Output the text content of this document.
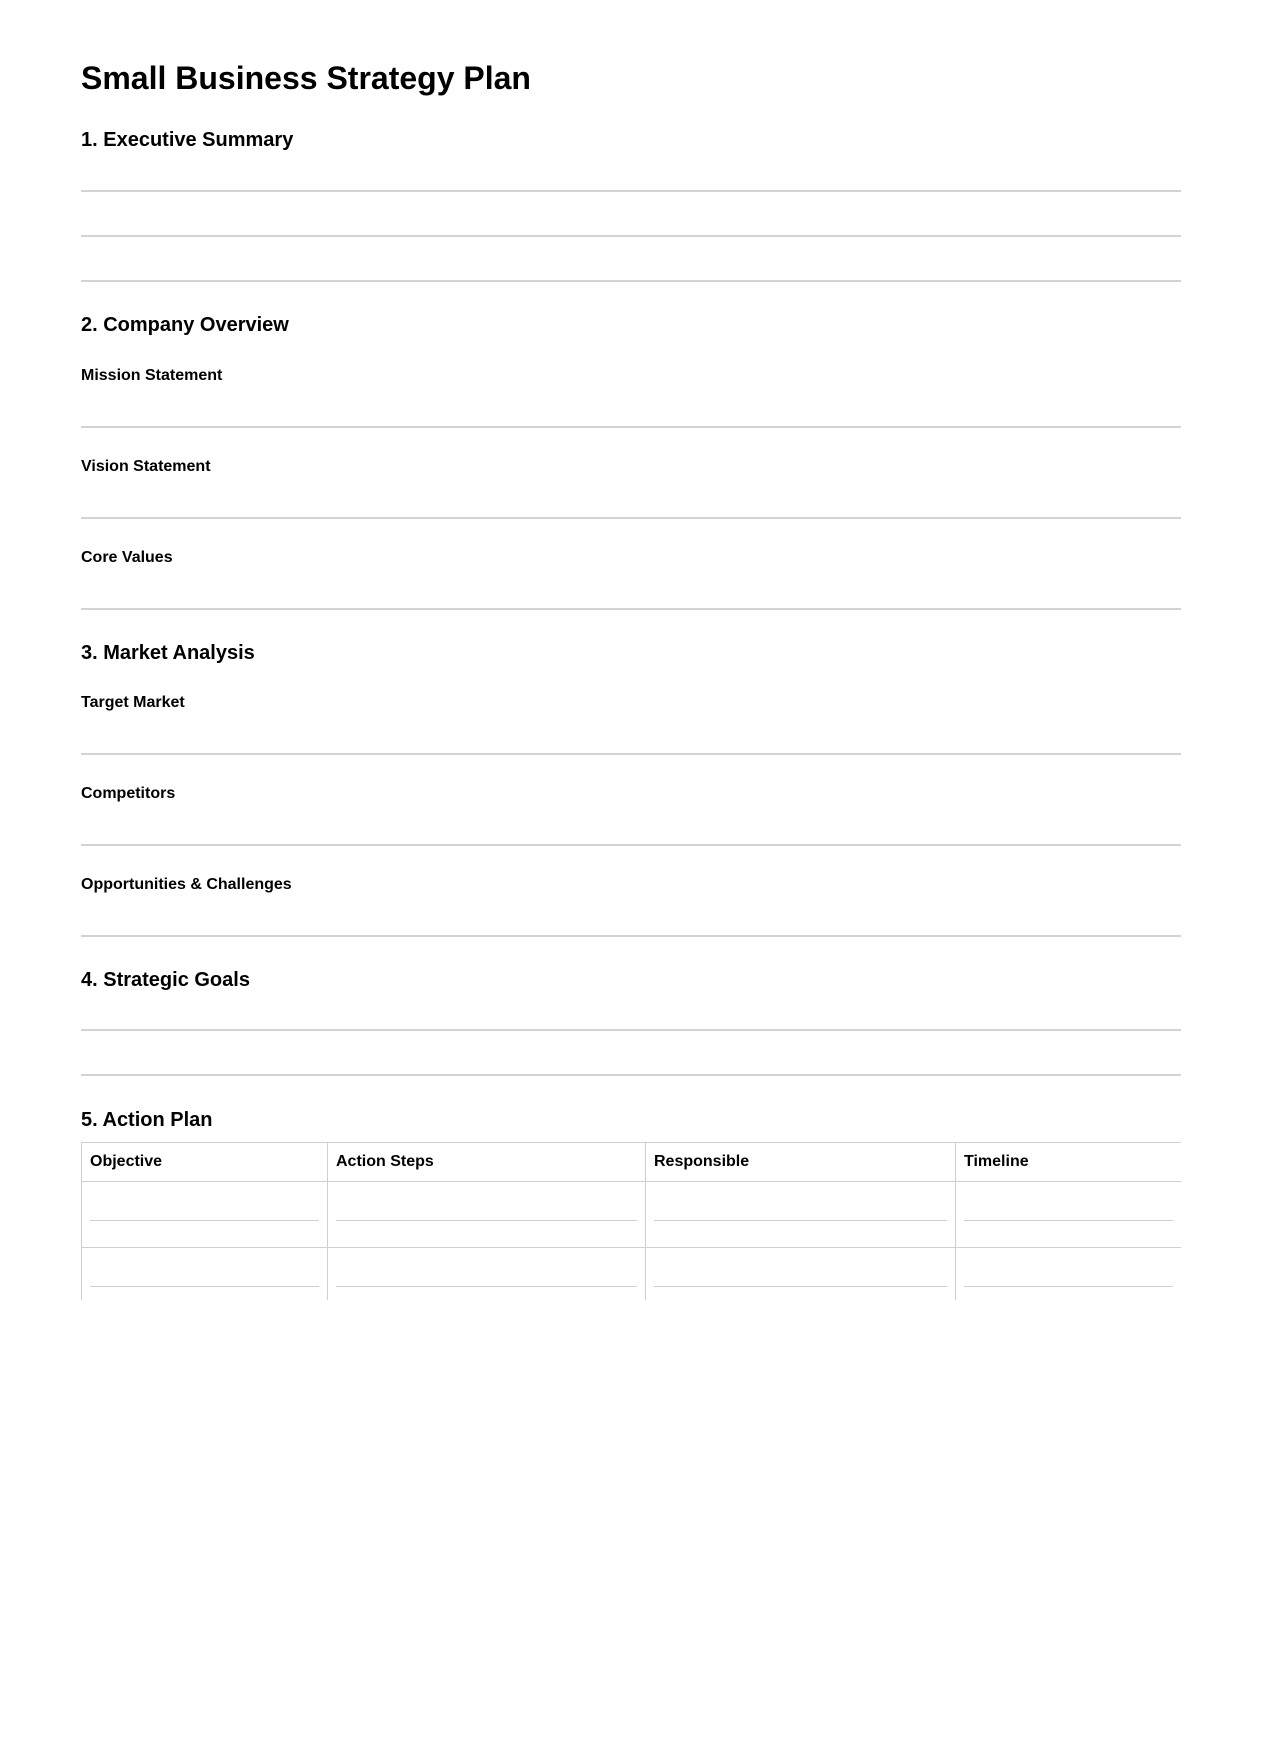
Small Business Strategy Plan
1. Executive Summary
2. Company Overview
Mission Statement
Vision Statement
Core Values
3. Market Analysis
Target Market
Competitors
Opportunities & Challenges
4. Strategic Goals
5. Action Plan
Objective	Action Steps	Responsible	Timeline
